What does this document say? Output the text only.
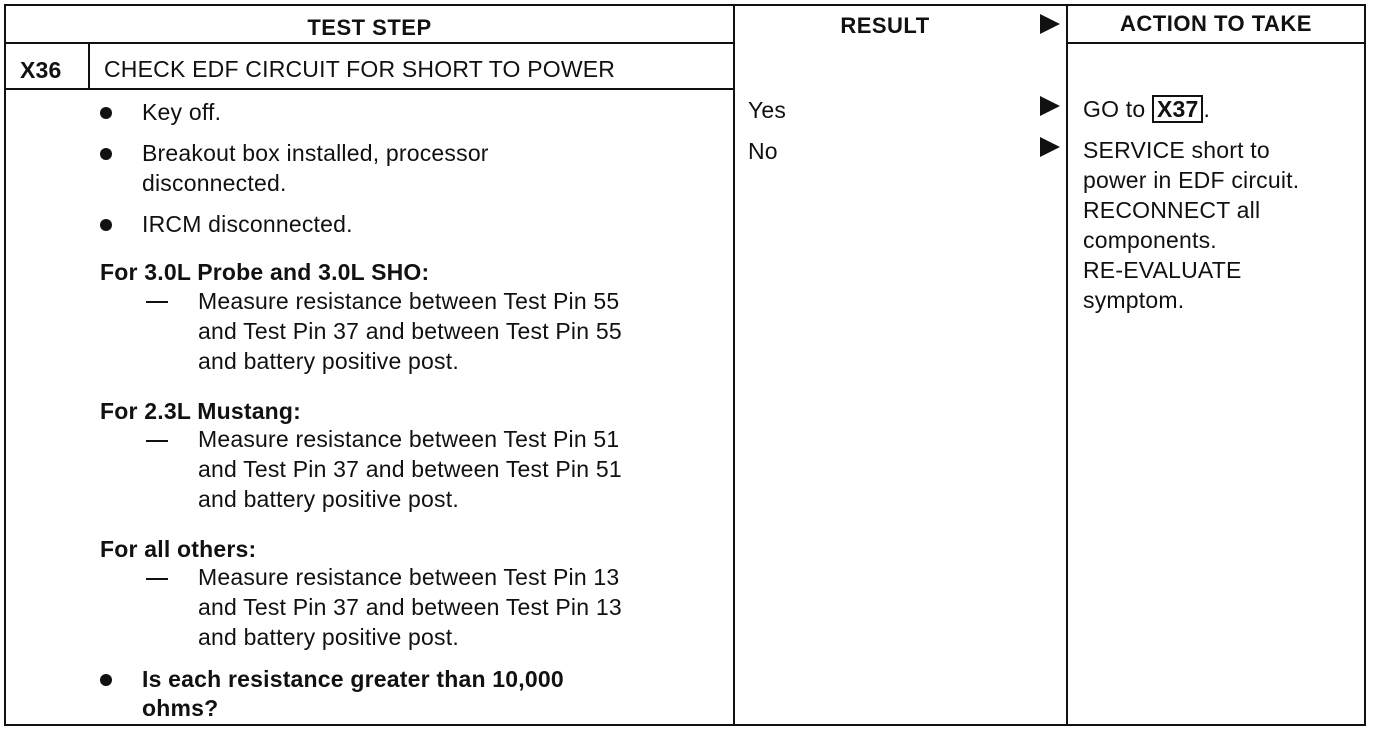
TEST STEP	RESULT	ACTION TO TAKE
X36 CHECK EDF CIRCUIT FOR SHORT TO POWER
Key off.
Breakout box installed, processor
disconnected.
IRCM disconnected.
For 3.0L Probe and 3.0L SHO:
Measure resistance between Test Pin 55
and Test Pin 37 and between Test Pin 55
and battery positive post.
For 2.3L Mustang:
Measure resistance between Test Pin 51
and Test Pin 37 and between Test Pin 51
and battery positive post.
For all others:
Measure resistance between Test Pin 13
and Test Pin 37 and between Test Pin 13
and battery positive post.
Is each resistance greater than 10,000
ohms?
Yes
No
GO to X37 .
SERVICE short to
power in EDF circuit.
RECONNECT all
components.
RE-EVALUATE
symptom.
